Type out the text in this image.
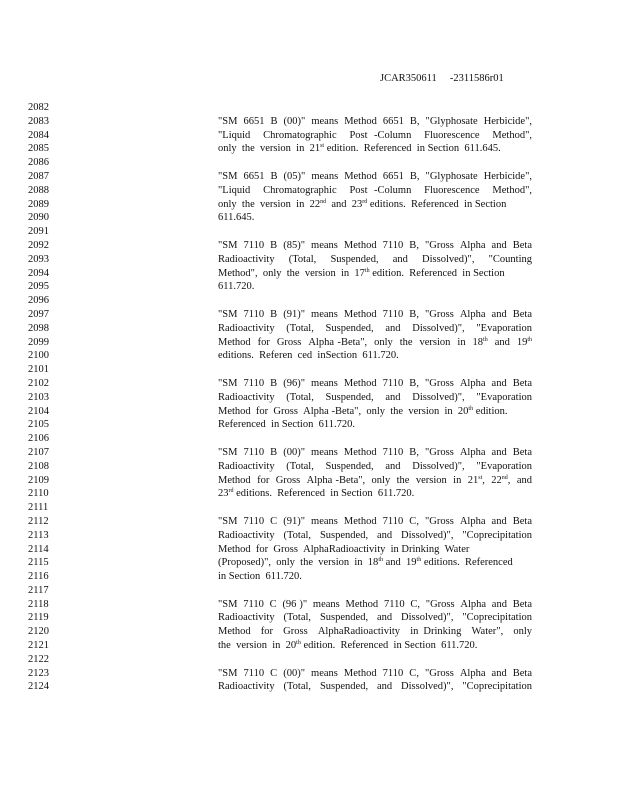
JCAR350611     -2311586r01
2082
2083
2084
2085
2086
2087
2088
2089
2090
2091
2092
2093
2094
2095
2096
2097
2098
2099
2100
2101
2102
2103
2104
2105
2106
2107
2108
2109
2110
2111
2112
2113
2114
2115
2116
2117
2118
2119
2120
2121
2122
2123
2124

"SM  6651  B  (00)"  means  Method  6651  B,  "Glyphosate  Herbicide",
"Liquid  Chromatographic  Post -Column  Fluorescence  Method",
only  the  version  in  21st edition.  Referenced  in Section  611.645.

"SM  6651  B  (05)"  means  Method  6651  B,  "Glyphosate  Herbicide",
"Liquid  Chromatographic  Post -Column  Fluorescence  Method",
only  the  version  in  22nd  and  23rd editions.  Referenced  in Section
611.645.

"SM  7110  B  (85)"  means  Method  7110  B,  "Gross  Alpha  and  Beta
Radioactivity  (Total,  Suspended,  and  Dissolved)",  "Counting
Method",  only  the  version  in  17th edition.  Referenced  in Section
611.720.

"SM  7110  B  (91)"  means  Method  7110  B,  "Gross  Alpha  and  Beta
Radioactivity  (Total,  Suspended,  and  Dissolved)",  "Evaporation
Method  for  Gross  Alpha -Beta",  only  the  version  in  18th  and  19th
editions.  Referen  ced  inSection  611.720.

"SM  7110  B  (96)"  means  Method  7110  B,  "Gross  Alpha  and  Beta
Radioactivity  (Total,  Suspended,  and  Dissolved)",  "Evaporation
Method  for  Gross  Alpha -Beta",  only  the  version  in  20th edition.
Referenced  in Section  611.720.

"SM  7110  B  (00)"  means  Method  7110  B,  "Gross  Alpha  and  Beta
Radioactivity  (Total,  Suspended,  and  Dissolved)",  "Evaporation
Method  for  Gross  Alpha -Beta",  only  the  version  in  21st,  22nd,  and
23rd editions.  Referenced  in Section  611.720.

"SM  7110  C  (91)"  means  Method  7110  C,  "Gross  Alpha  and  Beta
Radioactivity  (Total,  Suspended,  and  Dissolved)",  "Coprecipitation
Method  for  Gross  AlphaRadioactivity  in Drinking  Water
(Proposed)",  only  the  version  in  18th and  19th editions.  Referenced
in Section  611.720.

"SM  7110  C  (96 )"  means  Method  7110  C,  "Gross  Alpha  and  Beta
Radioactivity  (Total,  Suspended,  and  Dissolved)",  "Coprecipitation
Method  for  Gross  AlphaRadioactivity  in Drinking  Water",  only
the  version  in  20th edition.  Referenced  in Section  611.720.

"SM  7110  C  (00)"  means  Method  7110  C,  "Gross  Alpha  and  Beta
Radioactivity  (Total,  Suspended,  and  Dissolved)",  "Coprecipitation
